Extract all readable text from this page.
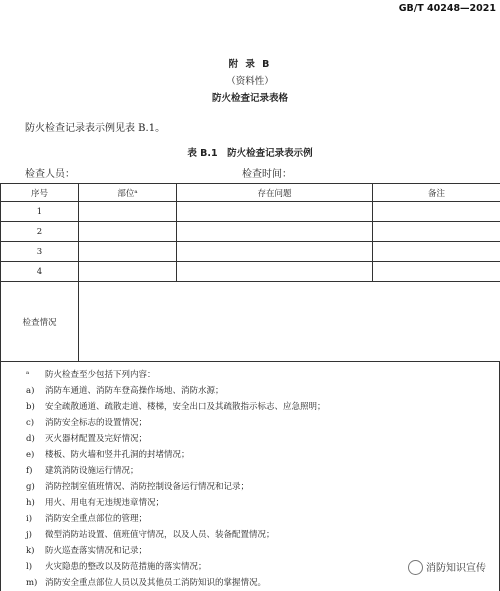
GB/T 40248—2021
附 录 B
（资料性）
防火检查记录表格
防火检查记录表示例见表 B.1。
表 B.1　防火检查记录表示例
检查人员：	检查时间：
序号	部位ᵃ	存在问题	备注
1			
2			
3			
4			
检查情况			
ᵃ 防火检查至少包括下列内容：
a) 消防车通道、消防车登高操作场地、消防水源；
b) 安全疏散通道、疏散走道、楼梯，安全出口及其疏散指示标志、应急照明；
c) 消防安全标志的设置情况；
d) 灭火器材配置及完好情况；
e) 楼板、防火墙和竖井孔洞的封堵情况；
f) 建筑消防设施运行情况；
g) 消防控制室值班情况、消防控制设备运行情况和记录；
h) 用火、用电有无违规违章情况；
i) 消防安全重点部位的管理；
j) 微型消防站设置、值班值守情况，以及人员、装备配置情况；
k) 防火巡查落实情况和记录；
l) 火灾隐患的整改以及防范措施的落实情况；
m) 消防安全重点部位人员以及其他员工消防知识的掌握情况。
消防知识宣传
